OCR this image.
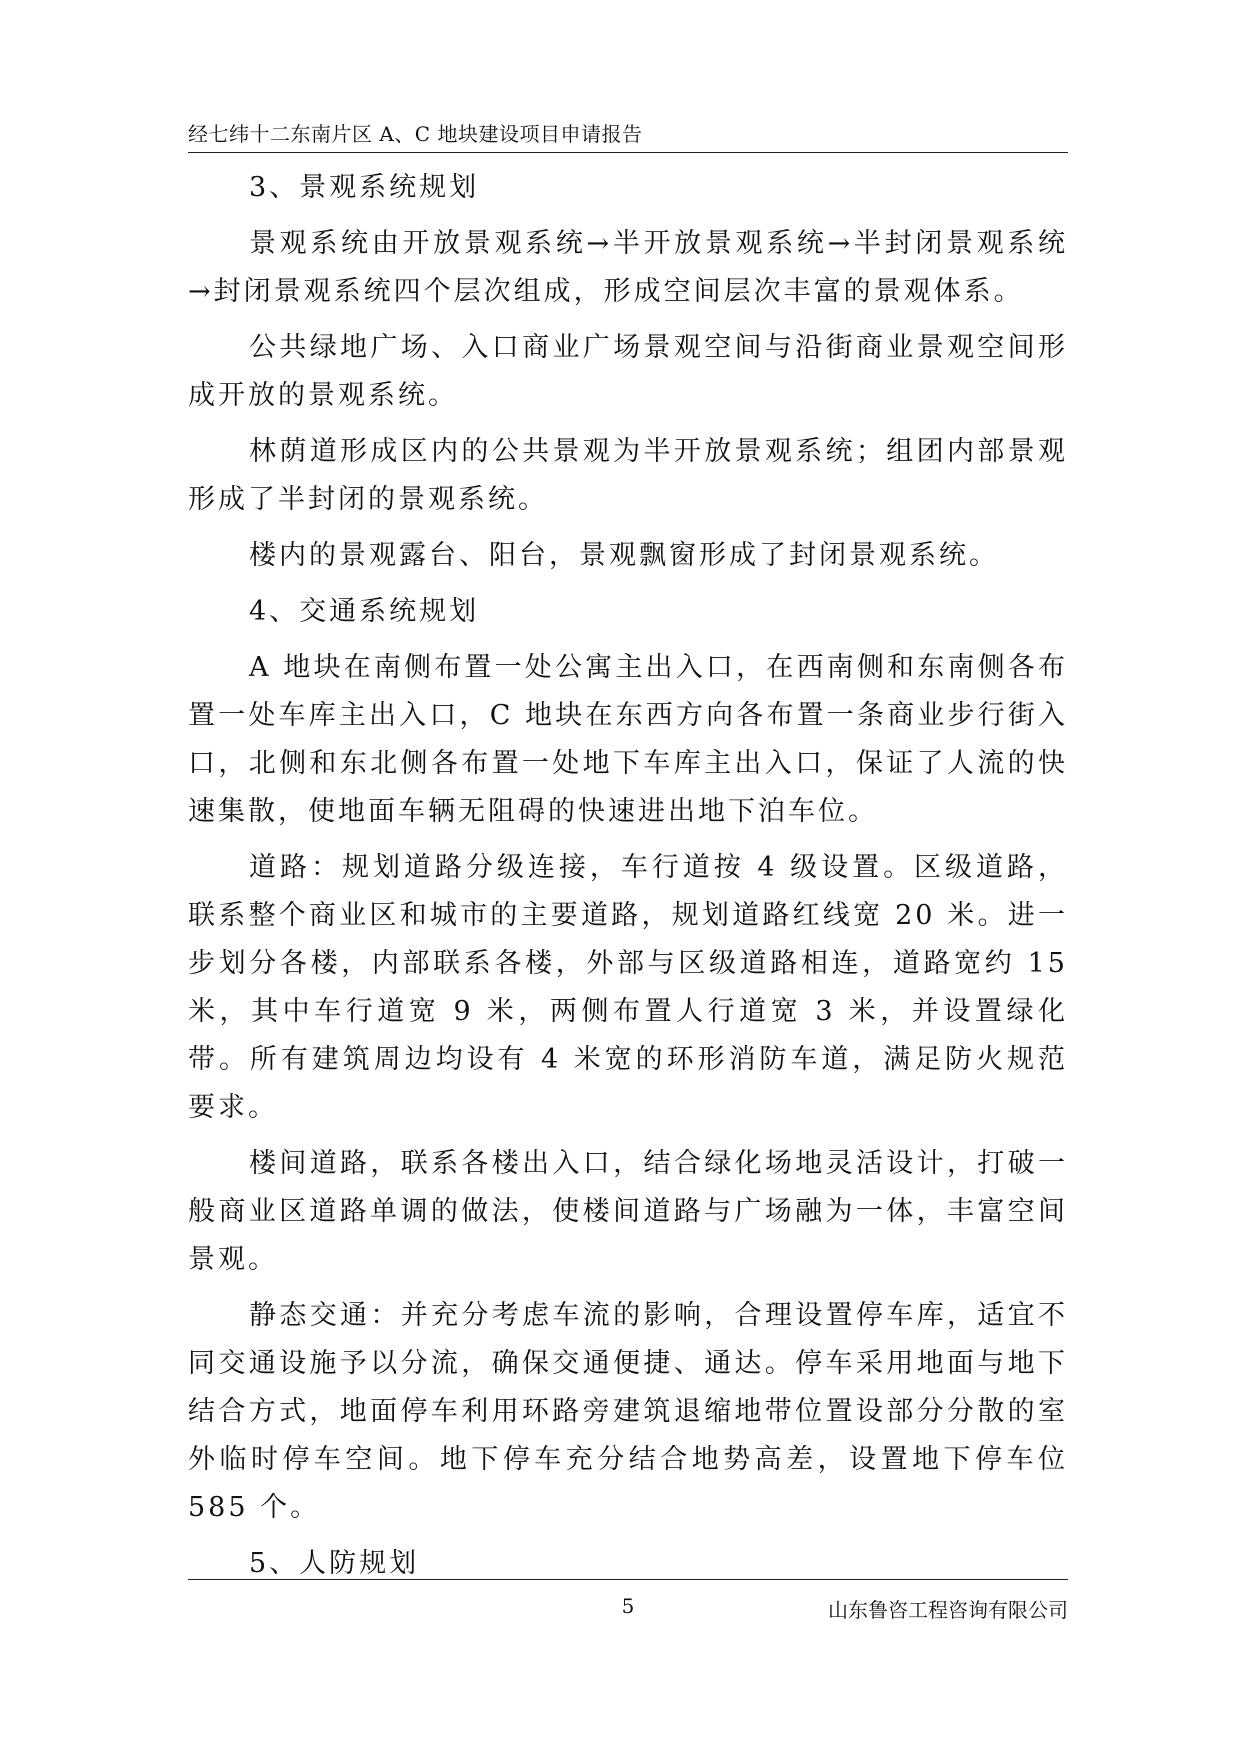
经七纬十二东南片区 A、C 地块建设项目申请报告

3、景观系统规划

景观系统由开放景观系统→半开放景观系统→半封闭景观系统→封闭景观系统四个层次组成，形成空间层次丰富的景观体系。

公共绿地广场、入口商业广场景观空间与沿街商业景观空间形成开放的景观系统。

林荫道形成区内的公共景观为半开放景观系统；组团内部景观形成了半封闭的景观系统。

楼内的景观露台、阳台，景观飘窗形成了封闭景观系统。

4、交通系统规划

A 地块在南侧布置一处公寓主出入口，在西南侧和东南侧各布置一处车库主出入口，C 地块在东西方向各布置一条商业步行街入口，北侧和东北侧各布置一处地下车库主出入口，保证了人流的快速集散，使地面车辆无阻碍的快速进出地下泊车位。

道路：规划道路分级连接，车行道按 4 级设置。区级道路，联系整个商业区和城市的主要道路，规划道路红线宽 20 米。进一步划分各楼，内部联系各楼，外部与区级道路相连，道路宽约 15 米，其中车行道宽 9 米，两侧布置人行道宽 3 米，并设置绿化带。所有建筑周边均设有 4 米宽的环形消防车道，满足防火规范要求。

楼间道路，联系各楼出入口，结合绿化场地灵活设计，打破一般商业区道路单调的做法，使楼间道路与广场融为一体，丰富空间景观。

静态交通：并充分考虑车流的影响，合理设置停车库，适宜不同交通设施予以分流，确保交通便捷、通达。停车采用地面与地下结合方式，地面停车利用环路旁建筑退缩地带位置设部分分散的室外临时停车空间。地下停车充分结合地势高差，设置地下停车位 585 个。

5、人防规划

5	山东鲁咨工程咨询有限公司
